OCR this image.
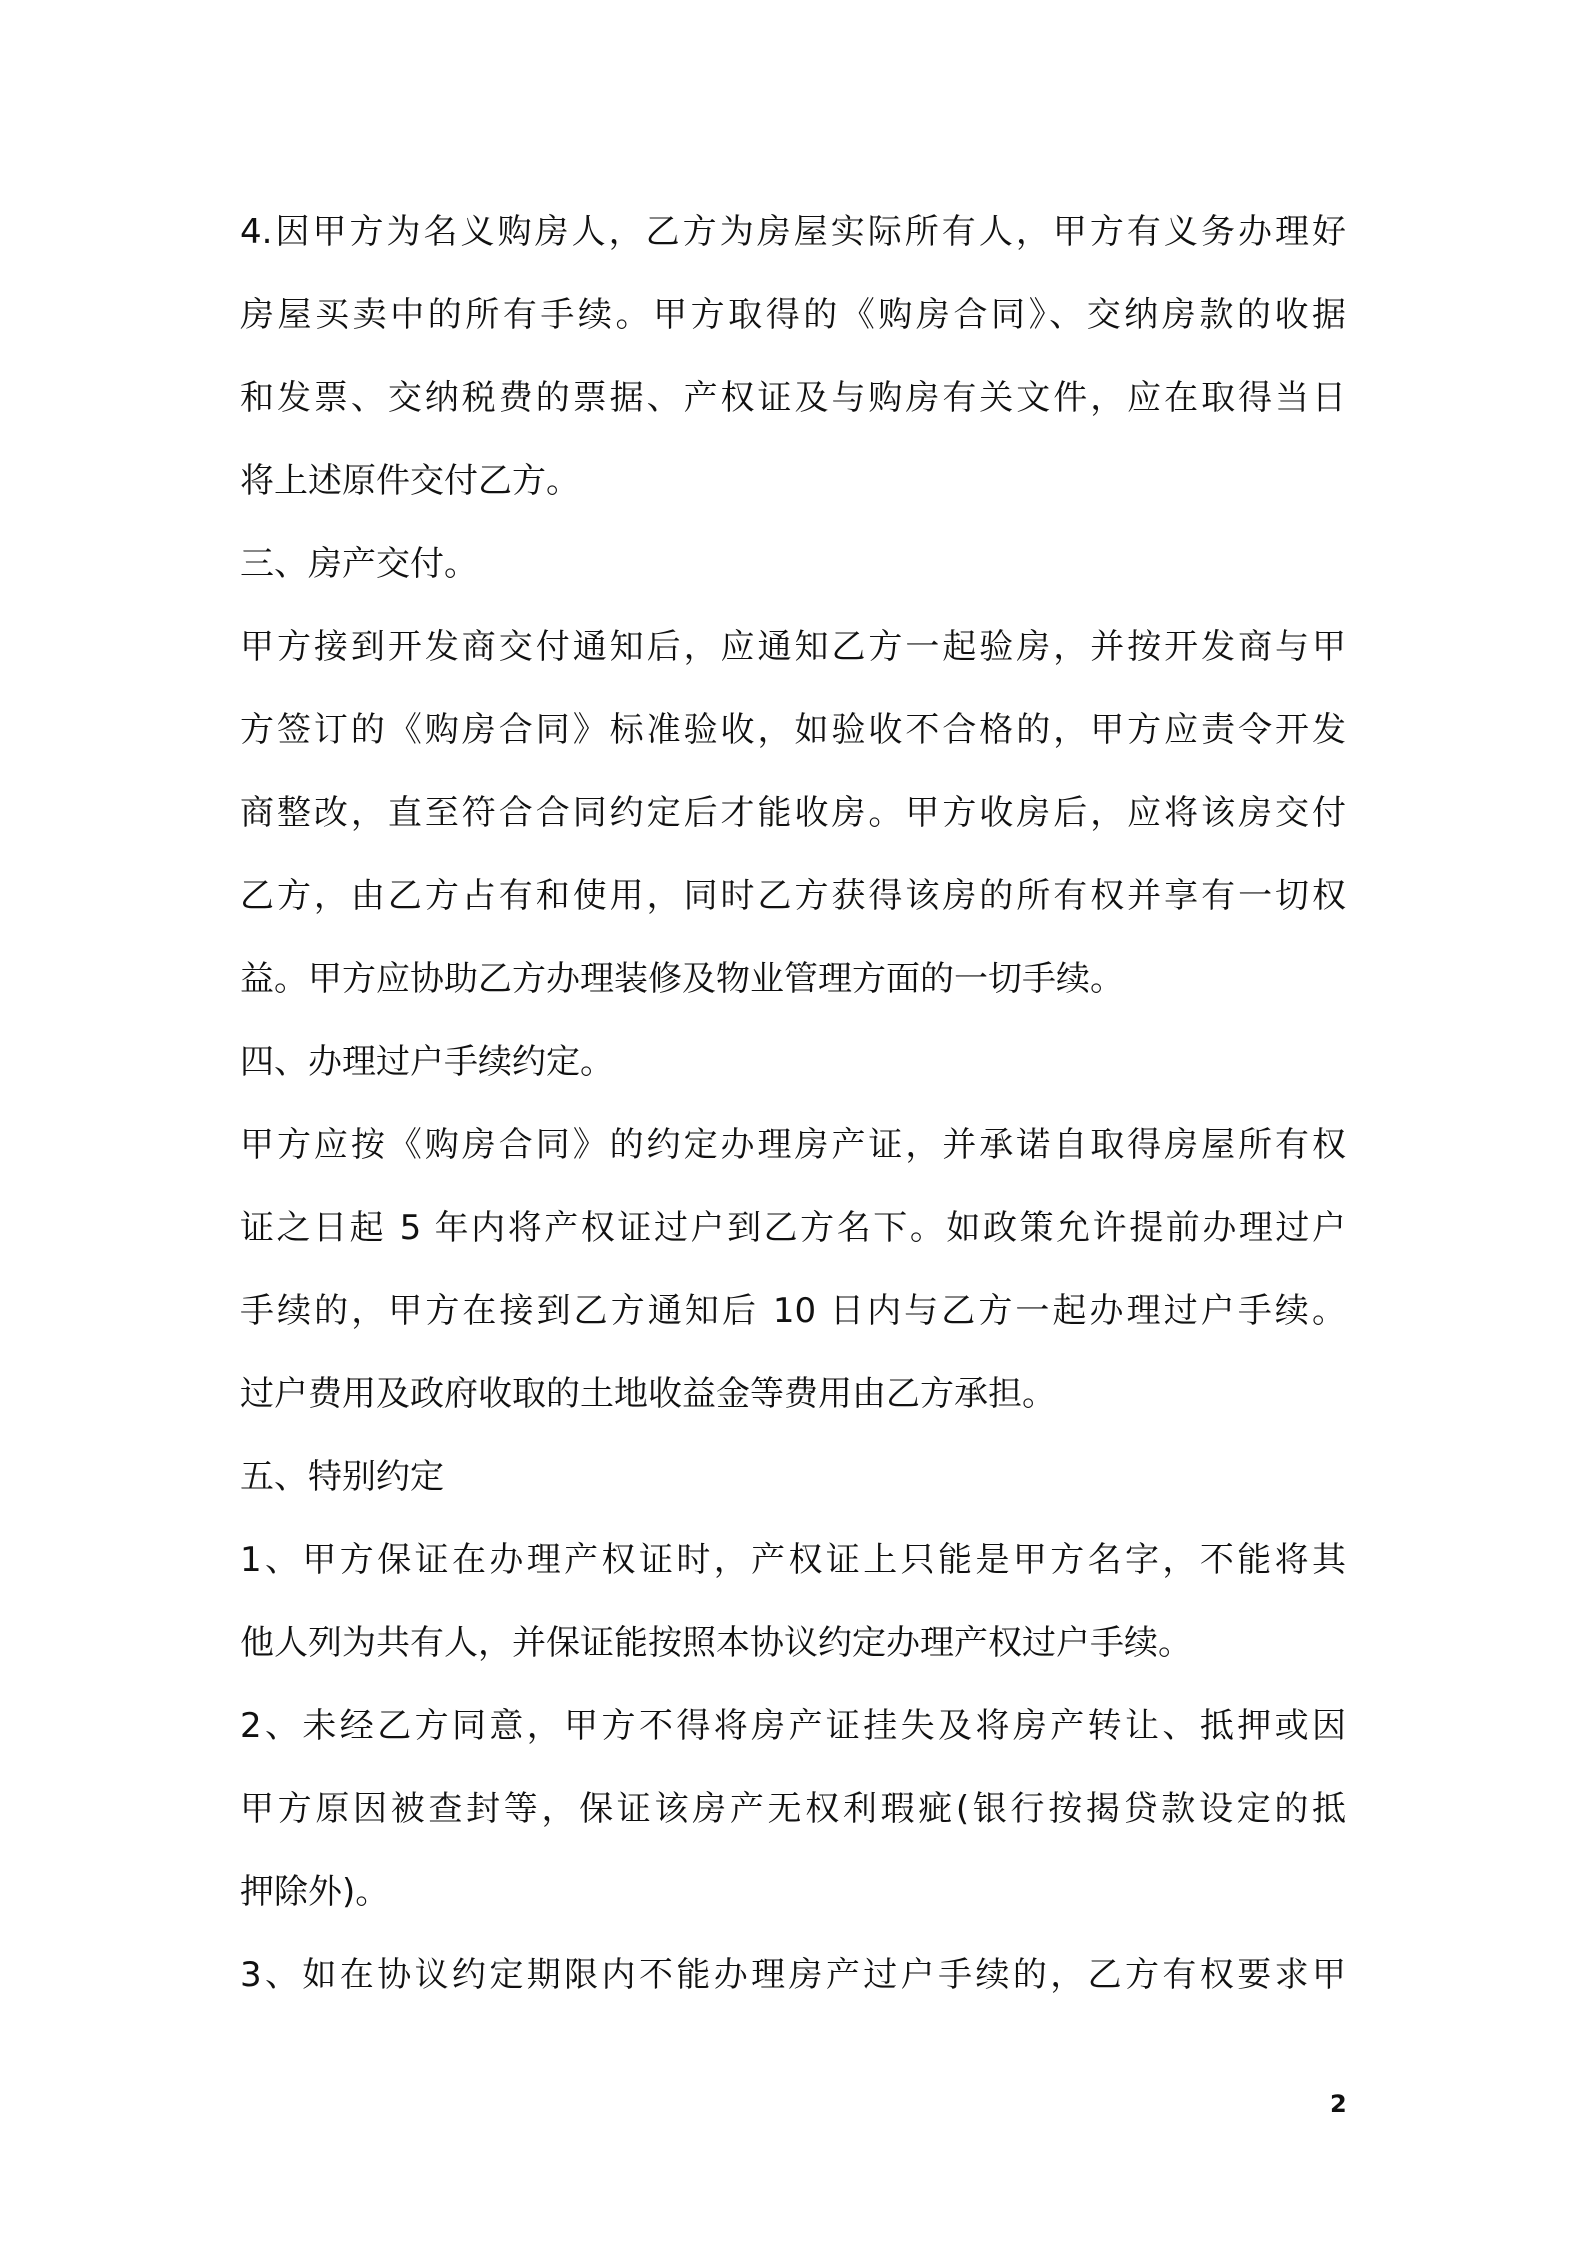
4.因甲方为名义购房人，乙方为房屋实际所有人，甲方有义务办理好
房屋买卖中的所有手续。甲方取得的《购房合同》、交纳房款的收据
和发票、交纳税费的票据、产权证及与购房有关文件，应在取得当日
将上述原件交付乙方。
三、房产交付。
甲方接到开发商交付通知后，应通知乙方一起验房，并按开发商与甲
方签订的《购房合同》标准验收，如验收不合格的，甲方应责令开发
商整改，直至符合合同约定后才能收房。甲方收房后，应将该房交付
乙方，由乙方占有和使用，同时乙方获得该房的所有权并享有一切权
益。甲方应协助乙方办理装修及物业管理方面的一切手续。
四、办理过户手续约定。
甲方应按《购房合同》的约定办理房产证，并承诺自取得房屋所有权
证之日起 5 年内将产权证过户到乙方名下。如政策允许提前办理过户
手续的，甲方在接到乙方通知后 10 日内与乙方一起办理过户手续。
过户费用及政府收取的土地收益金等费用由乙方承担。
五、特别约定
1、甲方保证在办理产权证时，产权证上只能是甲方名字，不能将其
他人列为共有人，并保证能按照本协议约定办理产权过户手续。
2、未经乙方同意，甲方不得将房产证挂失及将房产转让、抵押或因
甲方原因被查封等，保证该房产无权利瑕疵(银行按揭贷款设定的抵
押除外)。
3、如在协议约定期限内不能办理房产过户手续的，乙方有权要求甲
2
